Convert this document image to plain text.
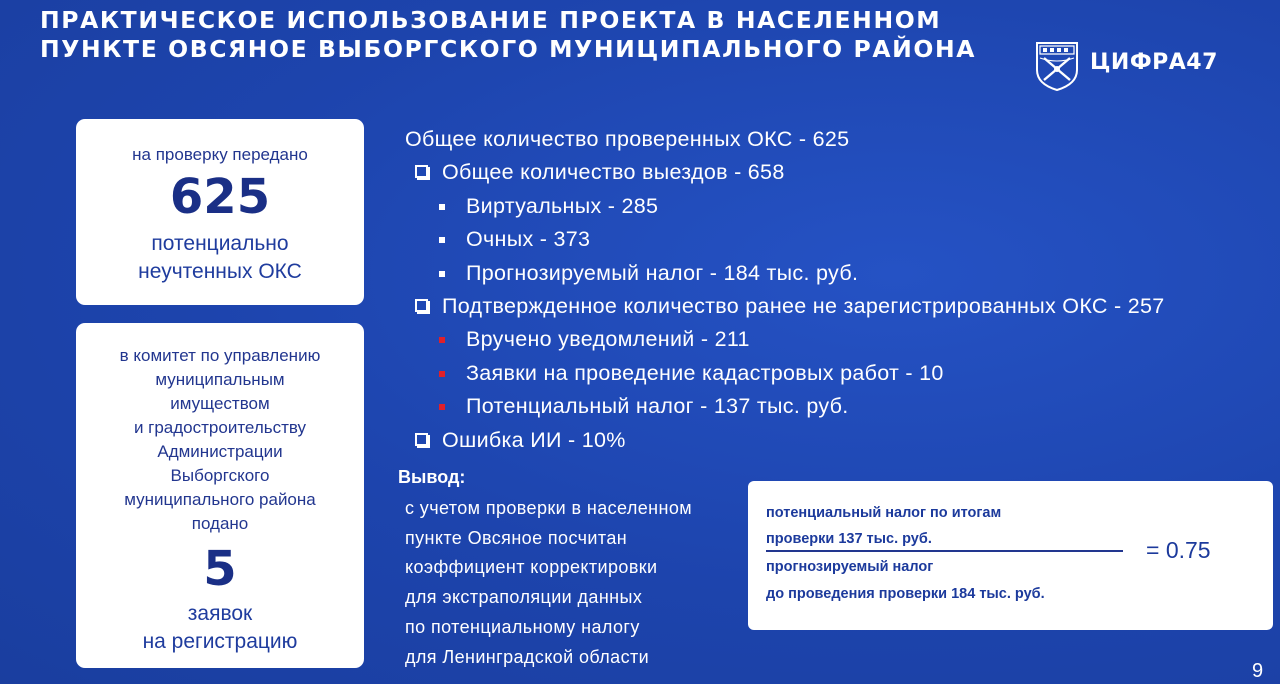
ПРАКТИЧЕСКОЕ ИСПОЛЬЗОВАНИЕ ПРОЕКТА В НАСЕЛЕННОМ
ПУНКТЕ ОВСЯНОЕ ВЫБОРГСКОГО МУНИЦИПАЛЬНОГО РАЙОНА	ЦИФРА47
на проверку передано
625
потенциально
неучтенных ОКС
в комитет по управлению
муниципальным
имуществом
и градостроительству
Администрации
Выборгского
муниципального района
подано
5
заявок
на регистрацию
Общее количество проверенных ОКС - 625
Общее количество выездов - 658
Виртуальных - 285
Очных - 373
Прогнозируемый налог - 184 тыс. руб.
Подтвержденное количество ранее не зарегистрированных ОКС - 257
Вручено уведомлений - 211
Заявки на проведение кадастровых работ - 10
Потенциальный налог - 137 тыс. руб.
Ошибка ИИ - 10%
Вывод:
с учетом проверки в населенном
пункте Овсяное посчитан
коэффициент корректировки
для экстраполяции данных
по потенциальному налогу
для Ленинградской области
потенциальный налог по итогам
проверки 137 тыс. руб.
прогнозируемый налог
до проведения проверки 184 тыс. руб.
= 0.75
9
